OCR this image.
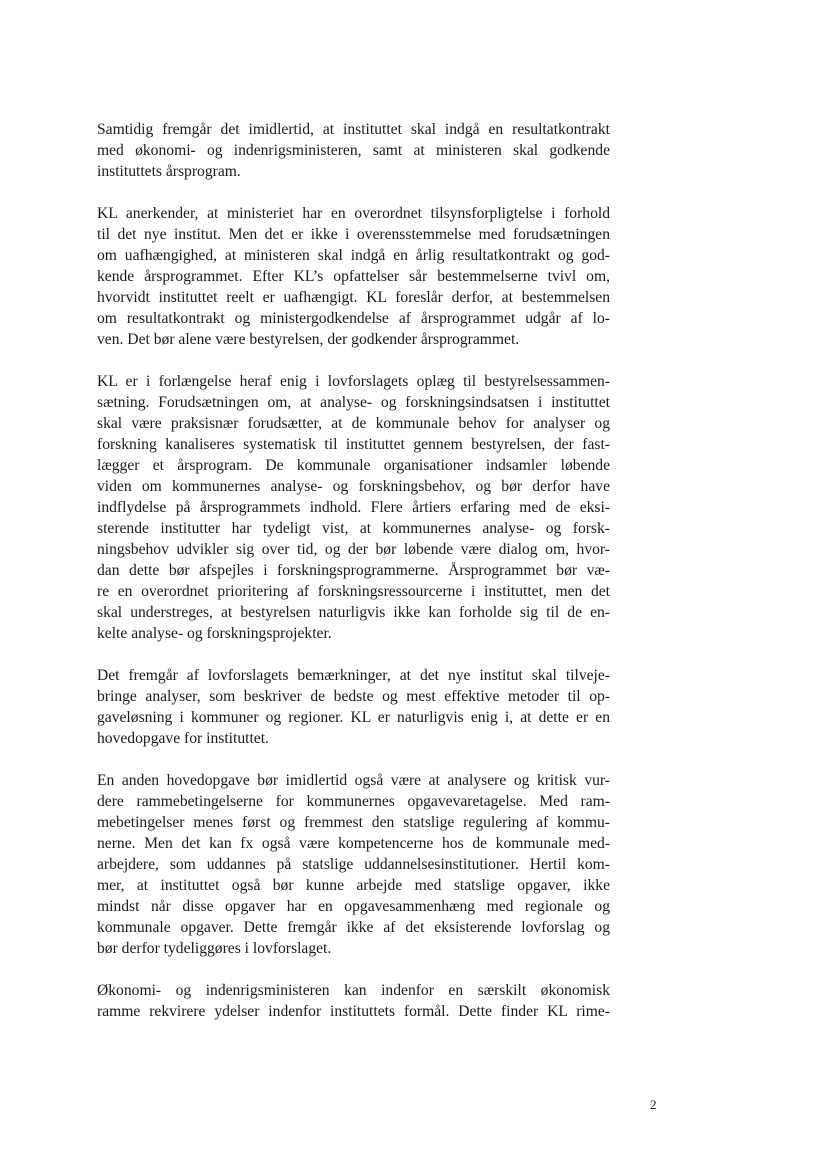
Samtidig fremgår det imidlertid, at instituttet skal indgå en resultatkontrakt
med økonomi- og indenrigsministeren, samt at ministeren skal godkende
instituttets årsprogram.

KL anerkender, at ministeriet har en overordnet tilsynsforpligtelse i forhold
til det nye institut. Men det er ikke i overensstemmelse med forudsætningen
om uafhængighed, at ministeren skal indgå en årlig resultatkontrakt og god-
kende årsprogrammet. Efter KL’s opfattelser sår bestemmelserne tvivl om,
hvorvidt instituttet reelt er uafhængigt. KL foreslår derfor, at bestemmelsen
om resultatkontrakt og ministergodkendelse af årsprogrammet udgår af lo-
ven. Det bør alene være bestyrelsen, der godkender årsprogrammet.

KL er i forlængelse heraf enig i lovforslagets oplæg til bestyrelsessammen-
sætning. Forudsætningen om, at analyse- og forskningsindsatsen i instituttet
skal være praksisnær forudsætter, at de kommunale behov for analyser og
forskning kanaliseres systematisk til instituttet gennem bestyrelsen, der fast-
lægger et årsprogram. De kommunale organisationer indsamler løbende
viden om kommunernes analyse- og forskningsbehov, og bør derfor have
indflydelse på årsprogrammets indhold. Flere årtiers erfaring med de eksi-
sterende institutter har tydeligt vist, at kommunernes analyse- og forsk-
ningsbehov udvikler sig over tid, og der bør løbende være dialog om, hvor-
dan dette bør afspejles i forskningsprogrammerne. Årsprogrammet bør væ-
re en overordnet prioritering af forskningsressourcerne i instituttet, men det
skal understreges, at bestyrelsen naturligvis ikke kan forholde sig til de en-
kelte analyse- og forskningsprojekter.

Det fremgår af lovforslagets bemærkninger, at det nye institut skal tilveje-
bringe analyser, som beskriver de bedste og mest effektive metoder til op-
gaveløsning i kommuner og regioner. KL er naturligvis enig i, at dette er en
hovedopgave for instituttet.

En anden hovedopgave bør imidlertid også være at analysere og kritisk vur-
dere rammebetingelserne for kommunernes opgavevaretagelse. Med ram-
mebetingelser menes først og fremmest den statslige regulering af kommu-
nerne. Men det kan fx også være kompetencerne hos de kommunale med-
arbejdere, som uddannes på statslige uddannelsesinstitutioner. Hertil kom-
mer, at instituttet også bør kunne arbejde med statslige opgaver, ikke
mindst når disse opgaver har en opgavesammenhæng med regionale og
kommunale opgaver. Dette fremgår ikke af det eksisterende lovforslag og
bør derfor tydeliggøres i lovforslaget.

Økonomi- og indenrigsministeren kan indenfor en særskilt økonomisk
ramme rekvirere ydelser indenfor instituttets formål. Dette finder KL rime-

2
